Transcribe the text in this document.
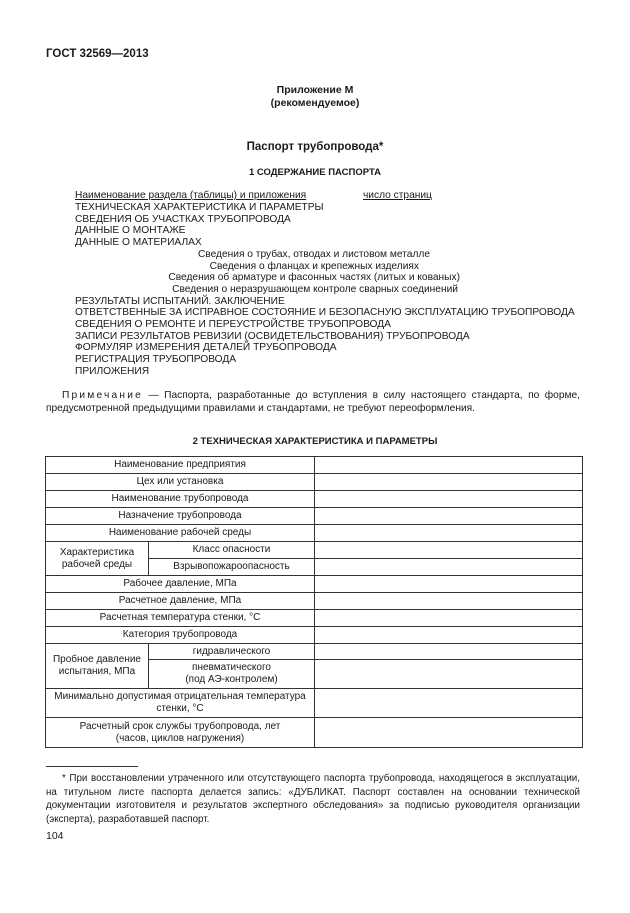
ГОСТ 32569—2013
Приложение М
(рекомендуемое)
Паспорт трубопровода*
1 СОДЕРЖАНИЕ ПАСПОРТА
Наименование раздела (таблицы) и приложения	число страниц
ТЕХНИЧЕСКАЯ ХАРАКТЕРИСТИКА И ПАРАМЕТРЫ
СВЕДЕНИЯ ОБ УЧАСТКАХ ТРУБОПРОВОДА
ДАННЫЕ О МОНТАЖЕ
ДАННЫЕ О МАТЕРИАЛАХ
Сведения о трубах, отводах и листовом металле
Сведения о фланцах и крепежных изделиях
Сведения об арматуре и фасонных частях (литых и кованых)
Сведения о неразрушающем контроле сварных соединений
РЕЗУЛЬТАТЫ ИСПЫТАНИЙ. ЗАКЛЮЧЕНИЕ
ОТВЕТСТВЕННЫЕ ЗА ИСПРАВНОЕ СОСТОЯНИЕ И БЕЗОПАСНУЮ ЭКСПЛУАТАЦИЮ ТРУБОПРОВОДА
СВЕДЕНИЯ О РЕМОНТЕ И ПЕРЕУСТРОЙСТВЕ ТРУБОПРОВОДА
ЗАПИСИ РЕЗУЛЬТАТОВ РЕВИЗИИ (ОСВИДЕТЕЛЬСТВОВАНИЯ) ТРУБОПРОВОДА
ФОРМУЛЯР ИЗМЕРЕНИЯ ДЕТАЛЕЙ ТРУБОПРОВОДА
РЕГИСТРАЦИЯ ТРУБОПРОВОДА
ПРИЛОЖЕНИЯ
Примечание — Паспорта, разработанные до вступления в силу настоящего стандарта, по форме, предусмотренной предыдущими правилами и стандартами, не требуют переоформления.
2 ТЕХНИЧЕСКАЯ ХАРАКТЕРИСТИКА И ПАРАМЕТРЫ
Наименование предприятия		
Цех или установка		
Наименование трубопровода		
Назначение трубопровода		
Наименование рабочей среды		
Характеристика рабочей среды	Класс опасности	
	Взрывопожароопасность	
Рабочее давление, МПа		
Расчетное давление, МПа		
Расчетная температура стенки, °С		
Категория трубопровода		
Пробное давление испытания, МПа	гидравлического	

	пневматического
(под АЭ-контролем)	

Минимально допустимая отрицательная температура
стенки, °С		

Расчетный срок службы трубопровода, лет
(часов, циклов нагружения)		

* При восстановлении утраченного или отсутствующего паспорта трубопровода, находящегося в эксплуатации, на титульном листе паспорта делается запись: «ДУБЛИКАТ. Паспорт составлен на основании технической документации изготовителя и результатов экспертного обследования» за подписью руководителя организации (эксперта), разработавшей паспорт.
104
